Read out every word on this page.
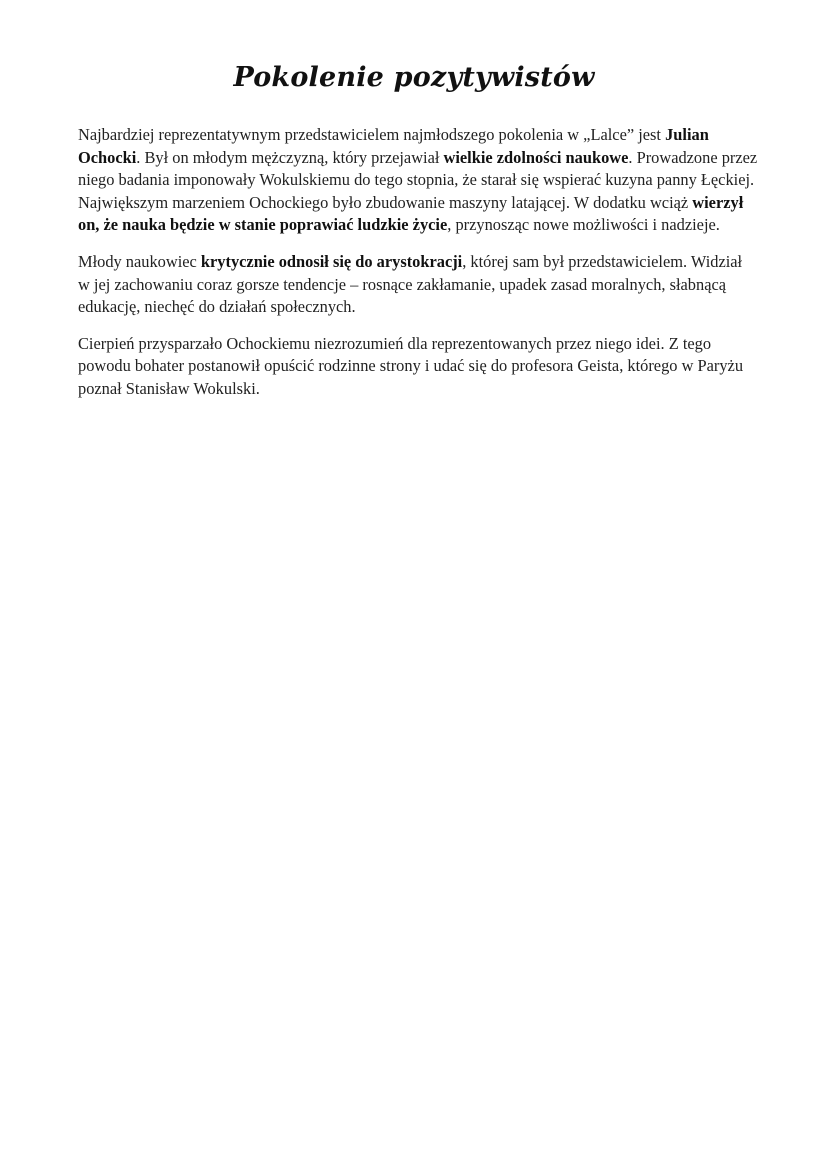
Pokolenie pozytywistów

Najbardziej reprezentatywnym przedstawicielem najmłodszego pokolenia w „Lalce” jest Julian Ochocki. Był on młodym mężczyzną, który przejawiał wielkie zdolności naukowe. Prowadzone przez niego badania imponowały Wokulskiemu do tego stopnia, że starał się wspierać kuzyna panny Łęckiej. Największym marzeniem Ochockiego było zbudowanie maszyny latającej. W dodatku wciąż wierzył on, że nauka będzie w stanie poprawiać ludzkie życie, przynosząc nowe możliwości i nadzieje.

Młody naukowiec krytycznie odnosił się do arystokracji, której sam był przedstawicielem. Widział w jej zachowaniu coraz gorsze tendencje – rosnące zakłamanie, upadek zasad moralnych, słabnącą edukację, niechęć do działań społecznych.

Cierpień przysparzało Ochockiemu niezrozumień dla reprezentowanych przez niego idei. Z tego powodu bohater postanowił opuścić rodzinne strony i udać się do profesora Geista, którego w Paryżu poznał Stanisław Wokulski.
